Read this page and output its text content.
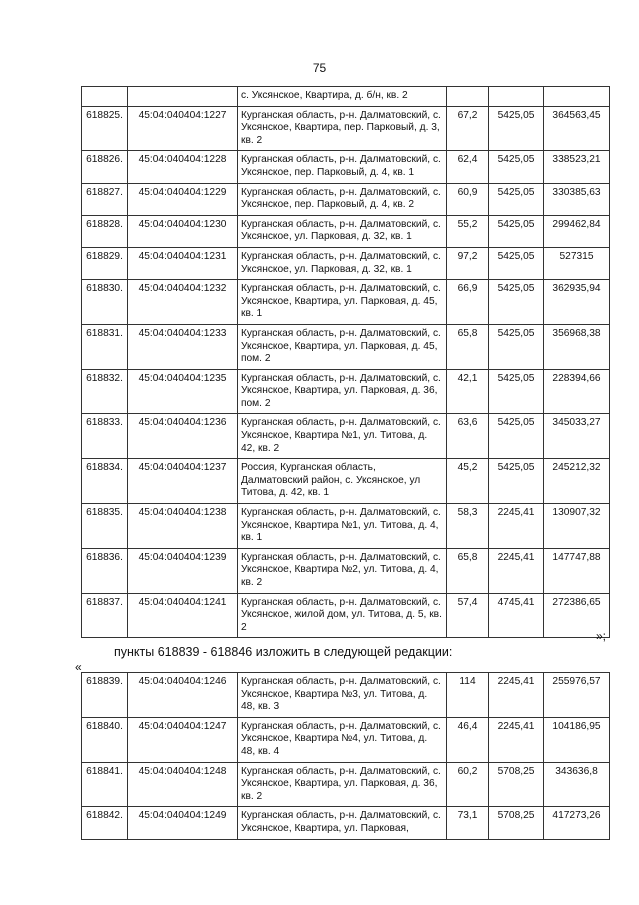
75
		с. Уксянское, Квартира, д. б/н, кв. 2			
618825.	45:04:040404:1227	Курганская область, р-н. Далматовский, с. Уксянское, Квартира, пер. Парковый, д. 3, кв. 2	67,2	5425,05	364563,45
618826.	45:04:040404:1228	Курганская область, р-н. Далматовский, с. Уксянское, пер. Парковый, д. 4, кв. 1	62,4	5425,05	338523,21
618827.	45:04:040404:1229	Курганская область, р-н. Далматовский, с. Уксянское, пер. Парковый, д. 4, кв. 2	60,9	5425,05	330385,63
618828.	45:04:040404:1230	Курганская область, р-н. Далматовский, с. Уксянское, ул. Парковая, д. 32, кв. 1	55,2	5425,05	299462,84
618829.	45:04:040404:1231	Курганская область, р-н. Далматовский, с. Уксянское, ул. Парковая, д. 32, кв. 1	97,2	5425,05	527315
618830.	45:04:040404:1232	Курганская область, р-н. Далматовский, с. Уксянское, Квартира, ул. Парковая, д. 45, кв. 1	66,9	5425,05	362935,94
618831.	45:04:040404:1233	Курганская область, р-н. Далматовский, с. Уксянское, Квартира, ул. Парковая, д. 45, пом. 2	65,8	5425,05	356968,38
618832.	45:04:040404:1235	Курганская область, р-н. Далматовский, с. Уксянское, Квартира, ул. Парковая, д. 36, пом. 2	42,1	5425,05	228394,66
618833.	45:04:040404:1236	Курганская область, р-н. Далматовский, с. Уксянское, Квартира №1, ул. Титова, д. 42, кв. 2	63,6	5425,05	345033,27
618834.	45:04:040404:1237	Россия, Курганская область, Далматовский район, с. Уксянское, ул Титова, д. 42, кв. 1	45,2	5425,05	245212,32
618835.	45:04:040404:1238	Курганская область, р-н. Далматовский, с. Уксянское, Квартира №1, ул. Титова, д. 4, кв. 1	58,3	2245,41	130907,32
618836.	45:04:040404:1239	Курганская область, р-н. Далматовский, с. Уксянское, Квартира №2, ул. Титова, д. 4, кв. 2	65,8	2245,41	147747,88
618837.	45:04:040404:1241	Курганская область, р-н. Далматовский, с. Уксянское, жилой дом, ул. Титова, д. 5, кв. 2	57,4	4745,41	272386,65
»;
пункты 618839 - 618846 изложить в следующей редакции:
«
618839.	45:04:040404:1246	Курганская область, р-н. Далматовский, с. Уксянское, Квартира №3, ул. Титова, д. 48, кв. 3	114	2245,41	255976,57
618840.	45:04:040404:1247	Курганская область, р-н. Далматовский, с. Уксянское, Квартира №4, ул. Титова, д. 48, кв. 4	46,4	2245,41	104186,95
618841.	45:04:040404:1248	Курганская область, р-н. Далматовский, с. Уксянское, Квартира, ул. Парковая, д. 36, кв. 2	60,2	5708,25	343636,8
618842.	45:04:040404:1249	Курганская область, р-н. Далматовский, с. Уксянское, Квартира, ул. Парковая,	73,1	5708,25	417273,26
